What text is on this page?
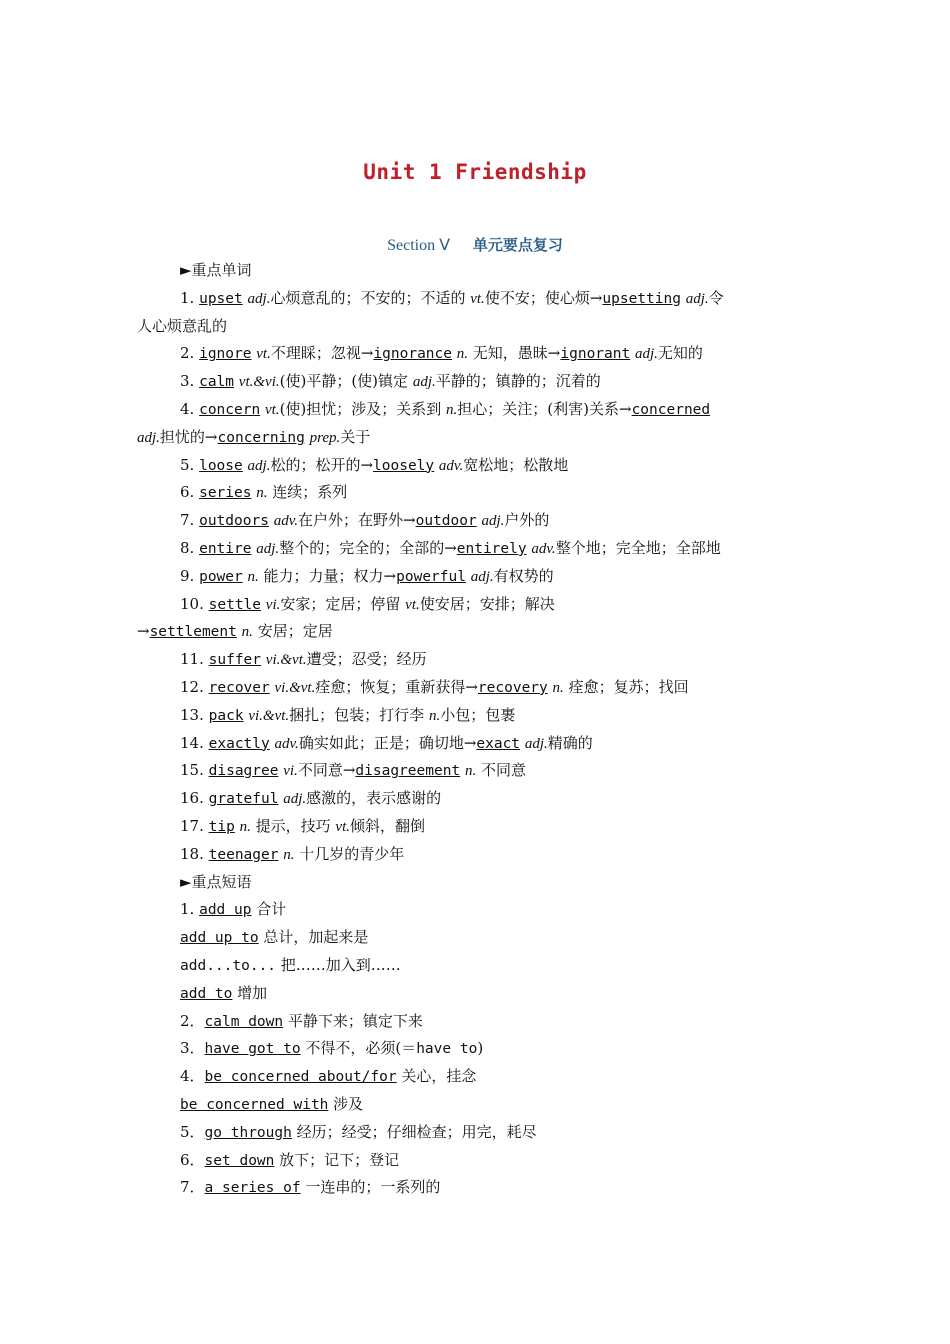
Unit 1 Friendship
Section Ⅴ 单元要点复习
►重点单词
1. upset adj.心烦意乱的；不安的；不适的 vt.使不安；使心烦→upsetting adj.令
人心烦意乱的
2. ignore vt.不理睬；忽视→ignorance n. 无知，愚昧→ignorant adj.无知的
3. calm vt.&vi.(使)平静；(使)镇定 adj.平静的；镇静的；沉着的
4. concern vt.(使)担忧；涉及；关系到 n.担心；关注；(利害)关系→concerned
adj.担忧的→concerning prep.关于
5. loose adj.松的；松开的→loosely adv.宽松地；松散地
6. series n. 连续；系列
7. outdoors adv.在户外；在野外→outdoor adj.户外的
8. entire adj.整个的；完全的；全部的→entirely adv.整个地；完全地；全部地
9. power n. 能力；力量；权力→powerful adj.有权势的
10. settle vi.安家；定居；停留 vt.使安居；安排；解决
→settlement n. 安居；定居
11. suffer vi.&vt.遭受；忍受；经历
12. recover vi.&vt.痊愈；恢复；重新获得→recovery n. 痊愈；复苏；找回
13. pack vi.&vt.捆扎；包装；打行李 n.小包；包裹
14. exactly adv.确实如此；正是；确切地→exact adj.精确的
15. disagree vi.不同意→disagreement n. 不同意
16. grateful adj.感激的，表示感谢的
17. tip n. 提示，技巧 vt.倾斜，翻倒
18. teenager n. 十几岁的青少年
►重点短语
1. add up 合计
add up to 总计，加起来是
add...to... 把……加入到……
add to 增加
2．calm down 平静下来；镇定下来
3．have got to 不得不，必须(＝have to)
4．be concerned about/for 关心，挂念
be concerned with 涉及
5．go through 经历；经受；仔细检查；用完，耗尽
6．set down 放下；记下；登记
7．a series of 一连串的；一系列的
